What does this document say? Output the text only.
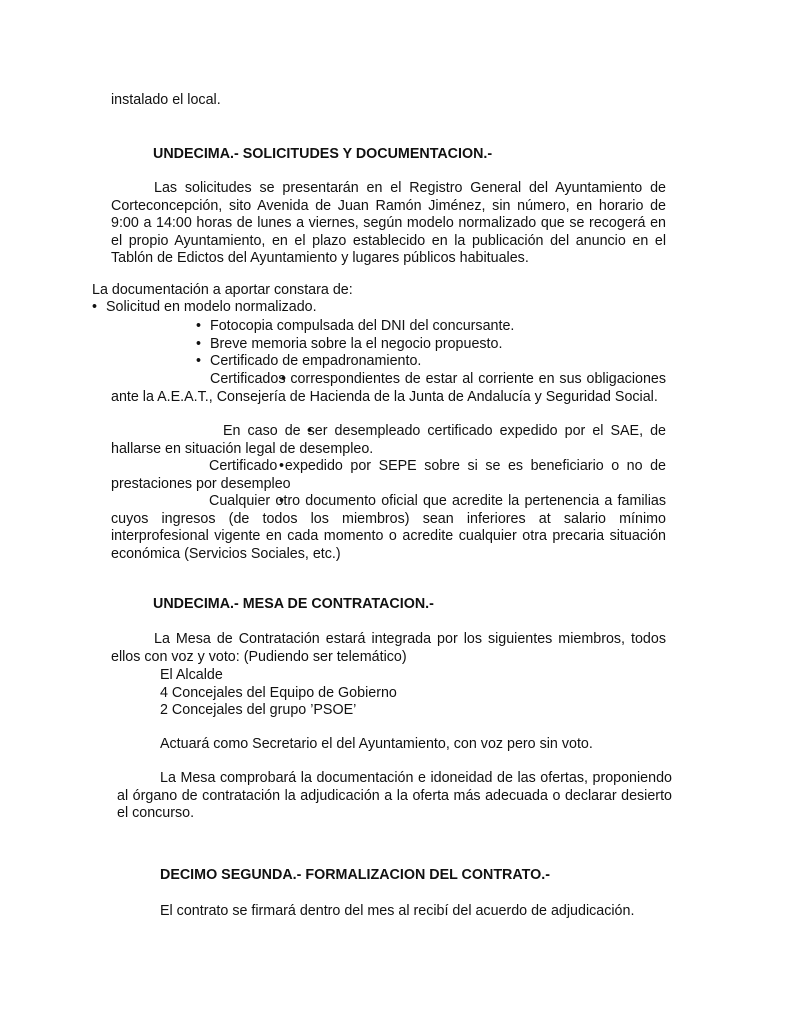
instalado el local.

UNDECIMA.- SOLICITUDES Y DOCUMENTACION.-

Las solicitudes se presentarán en el Registro General del Ayuntamiento de Corteconcepción, sito Avenida de Juan Ramón Jiménez, sin número, en horario de 9:00 a 14:00 horas de lunes a viernes, según modelo normalizado que se recogerá en el propio Ayuntamiento, en el plazo establecido en la publicación del anuncio en el Tablón de Edictos del Ayuntamiento y lugares públicos habituales.

La documentación a aportar constara de:

• Solicitud en modelo normalizado.

• Fotocopia compulsada del DNI del concursante.

• Breve memoria sobre la el negocio propuesto.

• Certificado de empadronamiento.

• Certificados correspondientes de estar al corriente en sus obligaciones ante la A.E.A.T., Consejería de Hacienda de la Junta de Andalucía y Seguridad Social.

• En caso de ser desempleado certificado expedido por el SAE, de hallarse en situación legal de desempleo.

• Certificado expedido por SEPE sobre si se es beneficiario o no de prestaciones por desempleo

• Cualquier otro documento oficial que acredite la pertenencia a familias cuyos ingresos (de todos los miembros) sean inferiores at salario mínimo interprofesional vigente en cada momento o acredite cualquier otra precaria situación económica (Servicios Sociales, etc.)

UNDECIMA.- MESA DE CONTRATACION.-

La Mesa de Contratación estará integrada por los siguientes miembros, todos ellos con voz y voto: (Pudiendo ser telemático)

El Alcalde

4 Concejales del Equipo de Gobierno

2 Concejales del grupo ’PSOE’

Actuará como Secretario el del Ayuntamiento, con voz pero sin voto.

La Mesa comprobará la documentación e idoneidad de las ofertas, proponiendo al órgano de contratación la adjudicación a la oferta más adecuada o declarar desierto el concurso.

DECIMO SEGUNDA.- FORMALIZACION DEL CONTRATO.-

El contrato se firmará dentro del mes al recibí del acuerdo de adjudicación.
